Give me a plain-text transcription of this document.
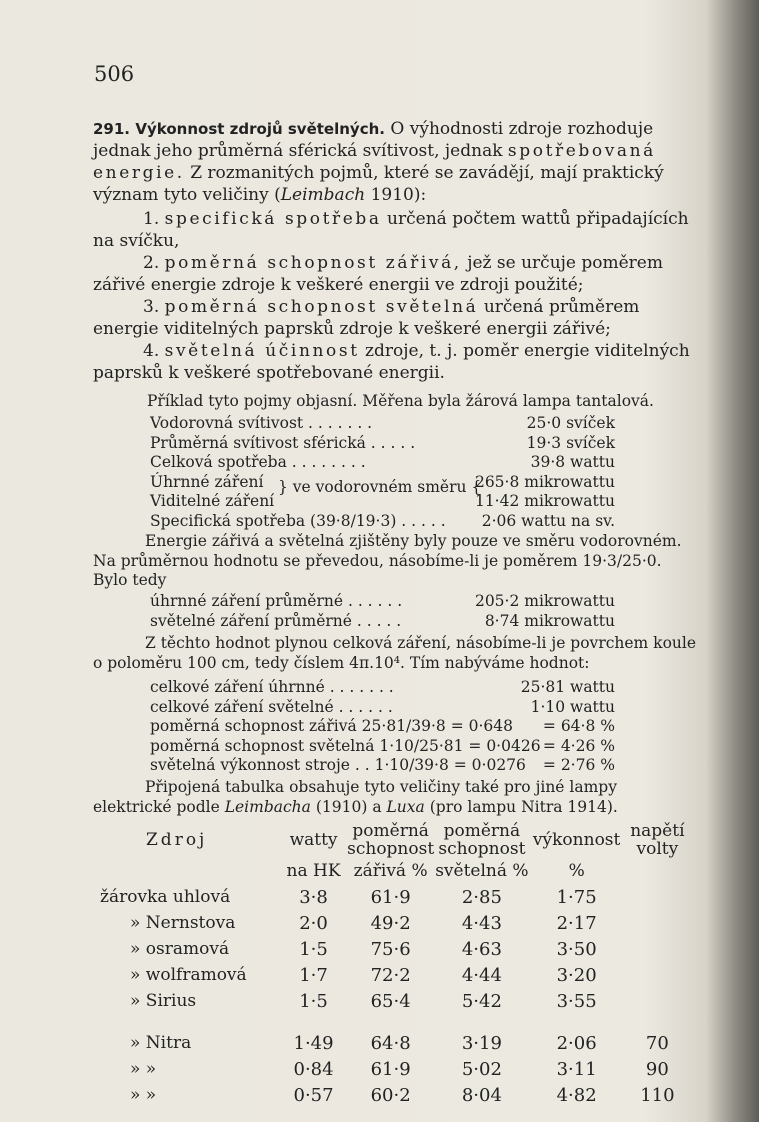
506
291. Výkonnost zdrojů světelných. O výhodnosti zdroje rozhoduje jednak jeho průměrná sférická svítivost, jednak spotřebovaná energie. Z rozmanitých pojmů, které se zavádějí, mají praktický význam tyto veličiny (Leimbach 1910):
1. specifická spotřeba určená počtem wattů připadajících na svíčku,
2. poměrná schopnost zářivá, jež se určuje poměrem zářivé energie zdroje k veškeré energii ve zdroji použité;
3. poměrná schopnost světelná určená průměrem energie viditelných paprsků zdroje k veškeré energii zářivé;
4. světelná účinnost zdroje, t. j. poměr energie viditelných paprsků k veškeré spotřebované energii.
Příklad tyto pojmy objasní. Měřena byla žárová lampa tantalová.
Vodorovná svítivost . . . . . . .	25·0 svíček
Průměrná svítivost sférická . . . . .	19·3 svíček
Celková spotřeba . . . . . . . .	39·8 wattu
Úhrnné záření	265·8 mikrowattu
Viditelné záření	11·42 mikrowattu
Specifická spotřeba (39·8/19·3) . . . . . 2·06 wattu na sv.
} ve vodorovném směru {
Energie zářivá a světelná zjištěny byly pouze ve směru vodorovném. Na průměrnou hodnotu se převedou, násobíme-li je poměrem 19·3/25·0. Bylo tedy
úhrnné záření průměrné . . . . . .	205·2 mikrowattu
světelné záření průměrné . . . . .	8·74 mikrowattu
Z těchto hodnot plynou celková záření, násobíme-li je povrchem koule o poloměru 100 cm, tedy číslem 4π.10⁴. Tím nabýváme hodnot:
celkové záření úhrnné . . . . . . .	25·81 wattu
celkové záření světelné . . . . . .	1·10 wattu
poměrná schopnost zářivá 25·81/39·8 = 0·648 = 64·8 %
poměrná schopnost světelná 1·10/25·81 = 0·0426 = 4·26 %
světelná výkonnost stroje . . 1·10/39·8 = 0·0276 = 2·76 %
Připojená tabulka obsahuje tyto veličiny také pro jiné lampy elektrické podle Leimbacha (1910) a Luxa (pro lampu Nitra 1914).
Zdroj	watty	poměrná schopnost	poměrná schopnost	výkonnost	napětí volty
	na HK	zářivá %	světelná %	%	
žárovka uhlová	3·8	61·9	2·85	1·75	
» Nernstova	2·0	49·2	4·43	2·17	
» osramová	1·5	75·6	4·63	3·50	
» wolframová	1·7	72·2	4·44	3·20	
» Sirius	1·5	65·4	5·42	3·55	

» Nitra	1·49	64·8	3·19	2·06	70
» »	0·84	61·9	5·02	3·11	90
» »	0·57	60·2	8·04	4·82	110
